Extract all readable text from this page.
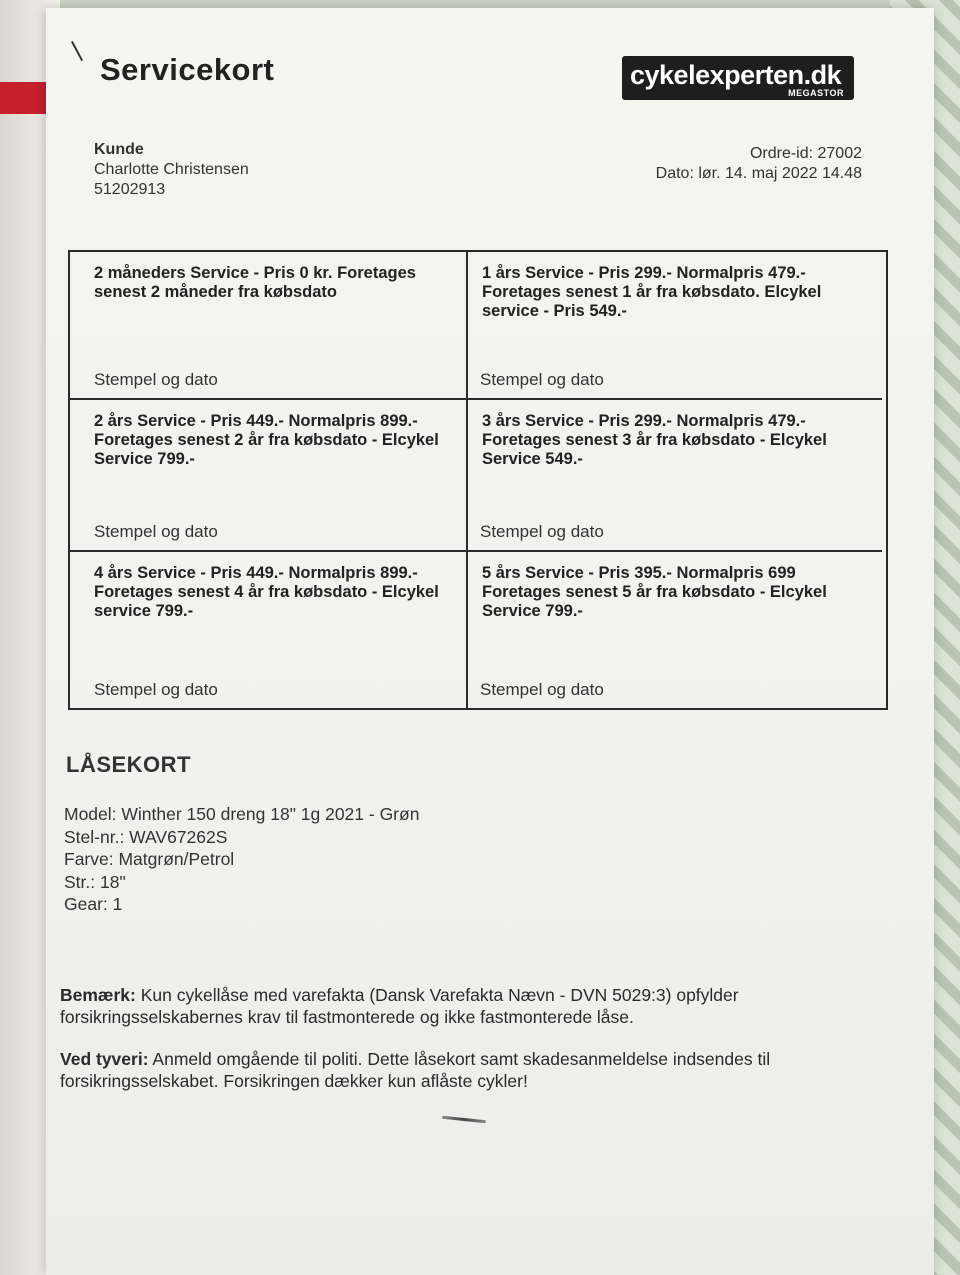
Servicekort	cykelexperten.dk
MEGASTOR
Kunde
Charlotte Christensen
51202913
Ordre-id: 27002
Dato: lør. 14. maj 2022 14.48
2 måneders Service - Pris 0 kr. Foretages senest 2 måneder fra købsdato
Stempel og dato
1 års Service - Pris 299.- Normalpris 479.- Foretages senest 1 år fra købsdato. Elcykel service - Pris 549.-
Stempel og dato
2 års Service - Pris 449.- Normalpris 899.- Foretages senest 2 år fra købsdato - Elcykel Service 799.-
Stempel og dato
3 års Service - Pris 299.- Normalpris 479.- Foretages senest 3 år fra købsdato - Elcykel Service 549.-
Stempel og dato
4 års Service - Pris 449.- Normalpris 899.- Foretages senest 4 år fra købsdato - Elcykel service 799.-
Stempel og dato
5 års Service - Pris 395.- Normalpris 699 Foretages senest 5 år fra købsdato - Elcykel Service 799.-
Stempel og dato
LÅSEKORT
Model: Winther 150 dreng 18" 1g 2021 - Grøn
Stel-nr.: WAV67262S
Farve: Matgrøn/Petrol
Str.: 18"
Gear: 1
Bemærk: Kun cykellåse med varefakta (Dansk Varefakta Nævn - DVN 5029:3) opfylder forsikringsselskabernes krav til fastmonterede og ikke fastmonterede låse.
Ved tyveri: Anmeld omgående til politi. Dette låsekort samt skadesanmeldelse indsendes til forsikringsselskabet. Forsikringen dækker kun aflåste cykler!
